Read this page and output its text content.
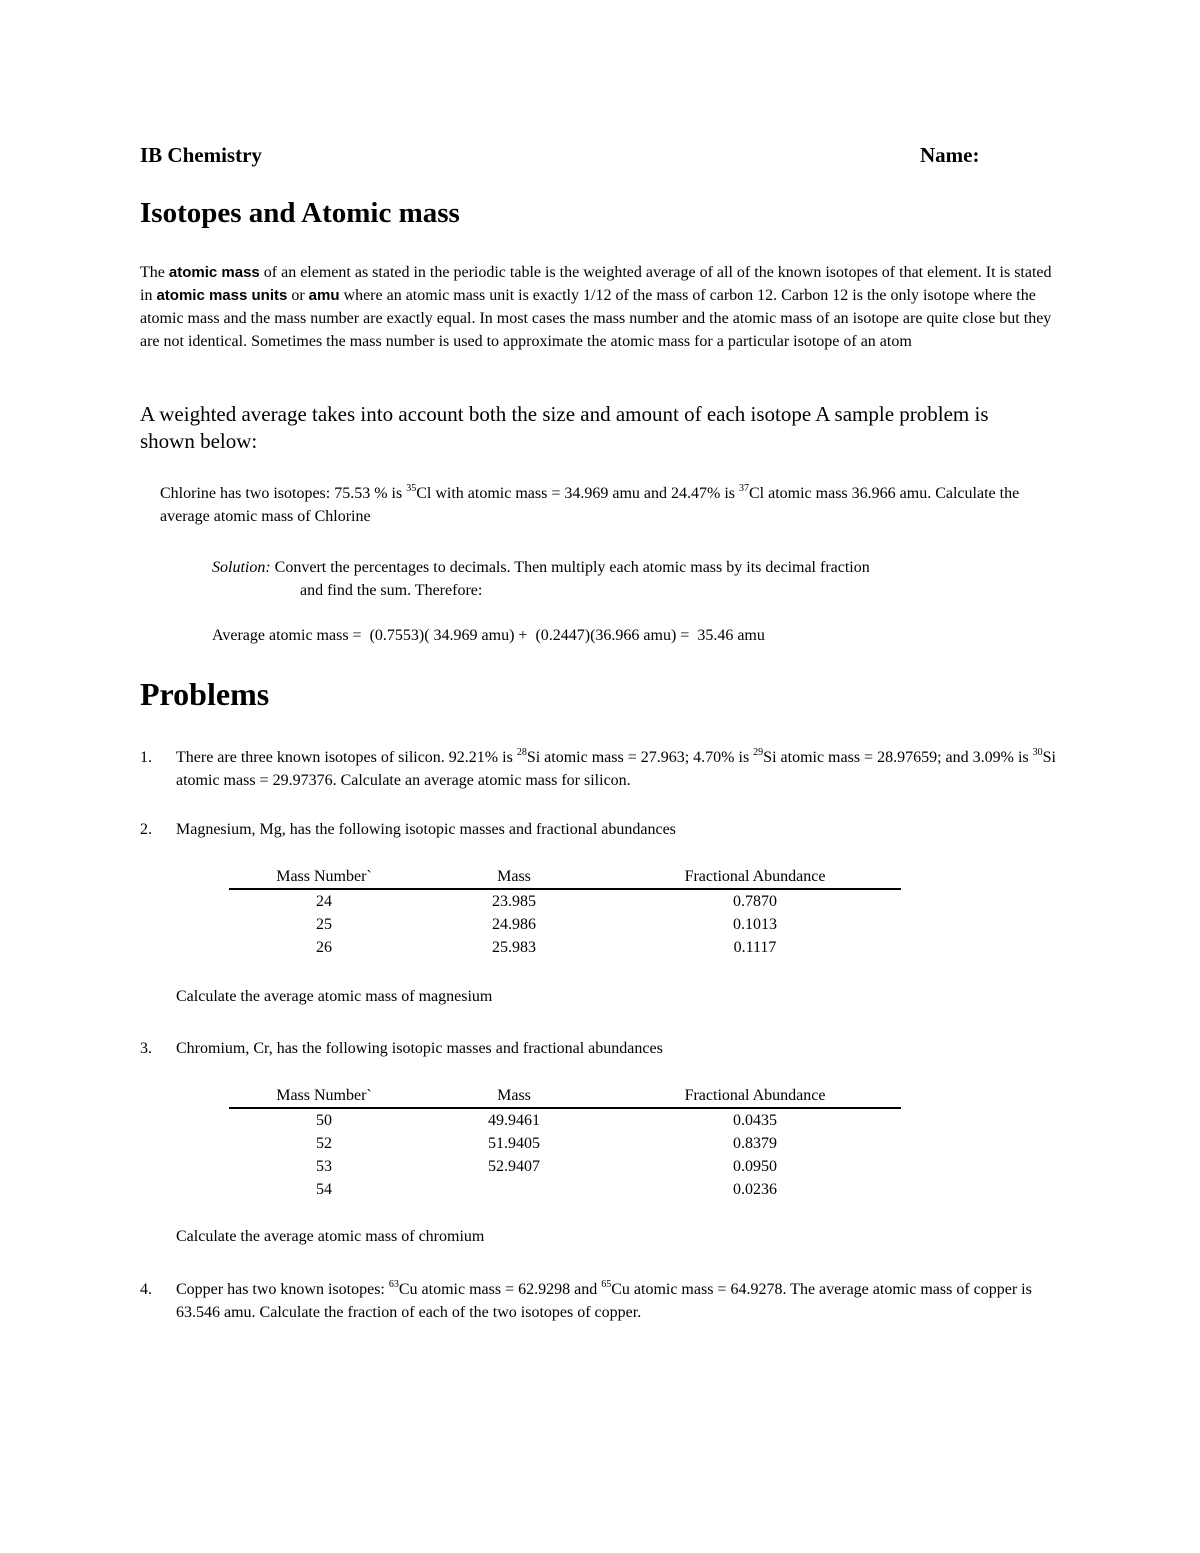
IB Chemistry	Name:
Isotopes and Atomic mass
The atomic mass of an element as stated in the periodic table is the weighted average of all of the known isotopes of that element. It is stated in atomic mass units or amu where an atomic mass unit is exactly 1/12 of the mass of carbon 12. Carbon 12 is the only isotope where the atomic mass and the mass number are exactly equal. In most cases the mass number and the atomic mass of an isotope are quite close but they are not identical. Sometimes the mass number is used to approximate the atomic mass for a particular isotope of an atom
A weighted average takes into account both the size and amount of each isotope A sample problem is shown below:
Chlorine has two isotopes: 75.53 % is $^{35}$Cl with atomic mass = 34.969 amu and 24.47% is $^{37}$Cl atomic mass 36.966 amu. Calculate the average atomic mass of Chlorine
Solution: Convert the percentages to decimals. Then multiply each atomic mass by its decimal fraction
and find the sum. Therefore:
Average atomic mass =  (0.7553)( 34.969 amu) +  (0.2447)(36.966 amu) =  35.46 amu
Problems
1.	There are three known isotopes of silicon. 92.21% is $^{28}$Si atomic mass = 27.963; 4.70% is $^{29}$Si atomic mass = 28.97659; and 3.09% is $^{30}$Si atomic mass = 29.97376. Calculate an average atomic mass for silicon.
2.	Magnesium, Mg, has the following isotopic masses and fractional abundances
Mass Number`	Mass	Fractional Abundance
24	23.985	0.7870
25	24.986	0.1013
26	25.983	0.1117
Calculate the average atomic mass of magnesium
3.	Chromium, Cr, has the following isotopic masses and fractional abundances
Mass Number`	Mass	Fractional Abundance
50	49.9461	0.0435
52	51.9405	0.8379
53	52.9407	0.0950
54		0.0236
Calculate the average atomic mass of chromium
4.	Copper has two known isotopes: $^{63}$Cu atomic mass = 62.9298 and $^{65}$Cu atomic mass = 64.9278. The average atomic mass of copper is 63.546 amu. Calculate the fraction of each of the two isotopes of copper.
